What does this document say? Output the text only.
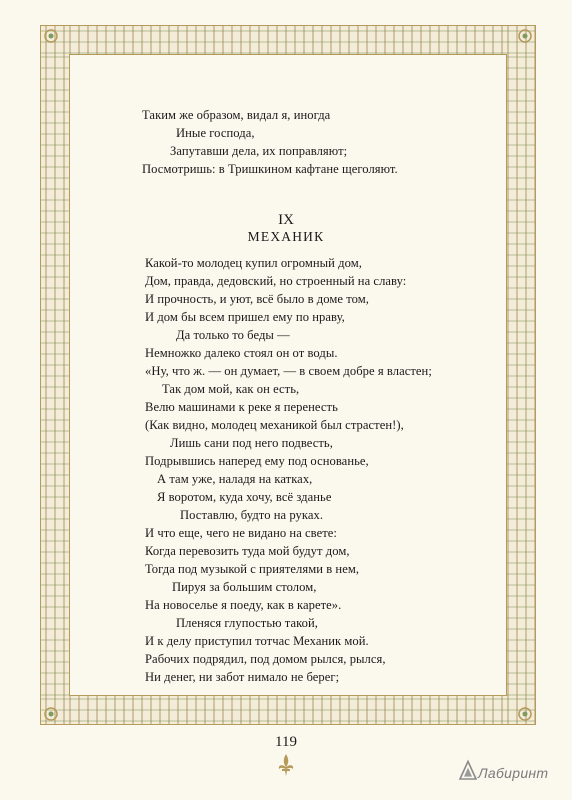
Таким же образом, видал я, иногда
Иные господа,
Запутавши дела, их поправляют;
Посмотришь: в Тришкином кафтане щеголяют.
IX
МЕХАНИК
Какой-то молодец купил огромный дом,
Дом, правда, дедовский, но строенный на славу:
И прочность, и уют, всё было в доме том,
И дом бы всем пришел ему по нраву,
Да только то беды —
Немножко далеко стоял он от воды.
«Ну, что ж. — он думает, — в своем добре я властен;
Так дом мой, как он есть,
Велю машинами к реке я перенесть
(Как видно, молодец механикой был страстен!),
Лишь сани под него подвесть,
Подрывшись наперед ему под основанье,
А там уже, наладя на катках,
Я воротом, куда хочу, всё зданье
Поставлю, будто на руках.
И что еще, чего не видано на свете:
Когда перевозить туда мой будут дом,
Тогда под музыкой с приятелями в нем,
Пируя за большим столом,
На новоселье я поеду, как в карете».
Пленяся глупостью такой,
И к делу приступил тотчас Механик мой.
Рабочих подрядил, под домом рылся, рылся,
Ни денег, ни забот нимало не берег;
119
Лабиринт
